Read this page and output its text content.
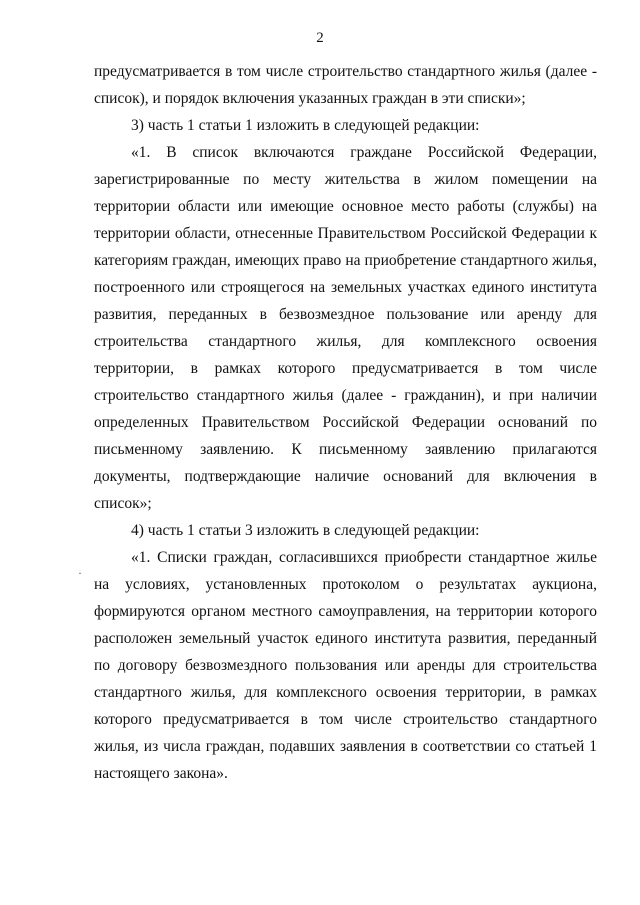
2

предусматривается в том числе строительство стандартного жилья (далее - список), и порядок включения указанных граждан в эти списки»;

3) часть 1 статьи 1 изложить в следующей редакции:

«1. В список включаются граждане Российской Федерации, зарегистрированные по месту жительства в жилом помещении на территории области или имеющие основное место работы (службы) на территории области, отнесенные Правительством Российской Федерации к категориям граждан, имеющих право на приобретение стандартного жилья, построенного или строящегося на земельных участках единого института развития, переданных в безвозмездное пользование или аренду для строительства стандартного жилья, для комплексного освоения территории, в рамках которого предусматривается в том числе строительство стандартного жилья (далее - гражданин), и при наличии определенных Правительством Российской Федерации оснований по письменному заявлению. К письменному заявлению прилагаются документы, подтверждающие наличие оснований для включения в список»;

4) часть 1 статьи 3 изложить в следующей редакции:

«1. Списки граждан, согласившихся приобрести стандартное жилье на условиях, установленных протоколом о результатах аукциона, формируются органом местного самоуправления, на территории которого расположен земельный участок единого института развития, переданный по договору безвозмездного пользования или аренды для строительства стандартного жилья, для комплексного освоения территории, в рамках которого предусматривается в том числе строительство стандартного жилья, из числа граждан, подавших заявления в соответствии со статьей 1 настоящего закона».

·
